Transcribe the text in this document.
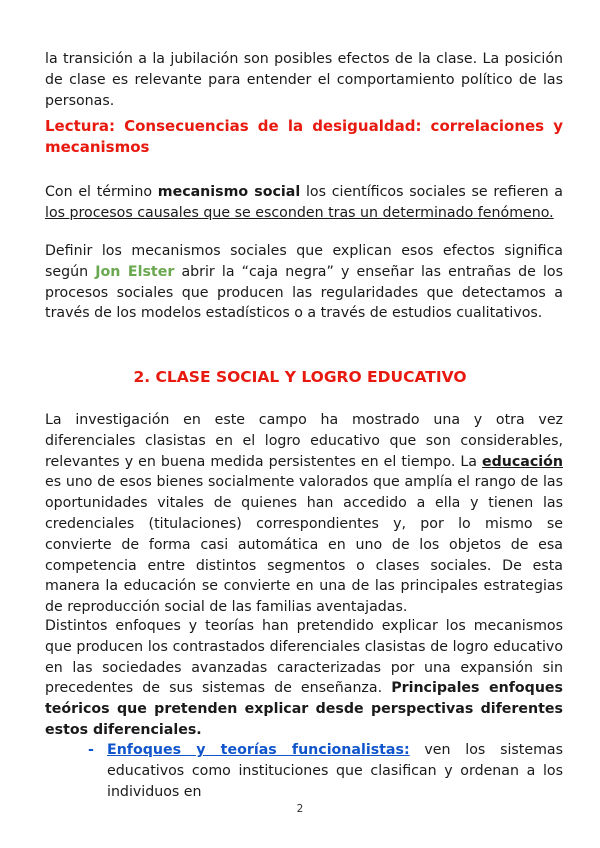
la transición a la jubilación son posibles efectos de la clase. La posición de clase es relevante para entender el comportamiento político de las personas.

Lectura: Consecuencias de la desigualdad: correlaciones y mecanismos

Con el término mecanismo social los científicos sociales se refieren a los procesos causales que se esconden tras un determinado fenómeno.

Definir los mecanismos sociales que explican esos efectos significa según Jon Elster abrir la “caja negra” y enseñar las entrañas de los procesos sociales que producen las regularidades que detectamos a través de los modelos estadísticos o a través de estudios cualitativos.

2. CLASE SOCIAL Y LOGRO EDUCATIVO

La investigación en este campo ha mostrado una y otra vez diferenciales clasistas en el logro educativo que son considerables, relevantes y en buena medida persistentes en el tiempo. La educación es uno de esos bienes socialmente valorados que amplía el rango de las oportunidades vitales de quienes han accedido a ella y tienen las credenciales (titulaciones) correspondientes y, por lo mismo se convierte de forma casi automática en uno de los objetos de esa competencia entre distintos segmentos o clases sociales. De esta manera la educación se convierte en una de las principales estrategias de reproducción social de las familias aventajadas.

Distintos enfoques y teorías han pretendido explicar los mecanismos que producen los contrastados diferenciales clasistas de logro educativo en las sociedades avanzadas caracterizadas por una expansión sin precedentes de sus sistemas de enseñanza. Principales enfoques teóricos que pretenden explicar desde perspectivas diferentes estos diferenciales.

- Enfoques y teorías funcionalistas: ven los sistemas educativos como instituciones que clasifican y ordenan a los individuos en

2
